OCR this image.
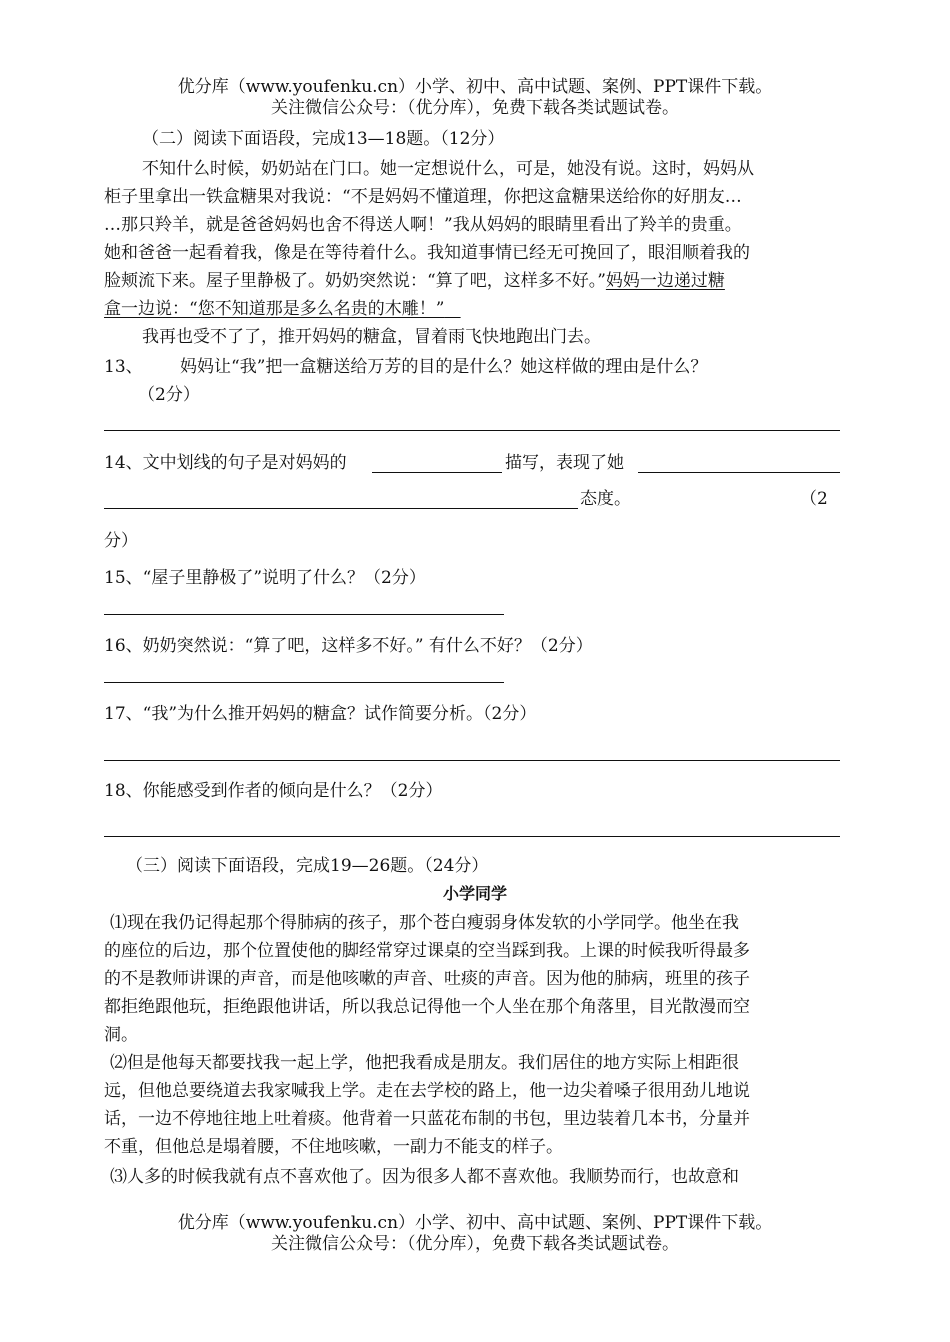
优分库（www.youfenku.cn）小学、初中、高中试题、案例、PPT课件下载。
关注微信公众号：（优分库），免费下载各类试题试卷。
（二）阅读下面语段，完成13—18题。（12分）
不知什么时候，奶奶站在门口。她一定想说什么，可是，她没有说。这时，妈妈从
柜子里拿出一铁盒糖果对我说：“不是妈妈不懂道理，你把这盒糖果送给你的好朋友…
…那只羚羊，就是爸爸妈妈也舍不得送人啊！”我从妈妈的眼睛里看出了羚羊的贵重。
她和爸爸一起看着我，像是在等待着什么。我知道事情已经无可挽回了，眼泪顺着我的
脸颊流下来。屋子里静极了。奶奶突然说：“算了吧，这样多不好。”妈妈一边递过糖
盒一边说：“您不知道那是多么名贵的木雕！”
我再也受不了了，推开妈妈的糖盒，冒着雨飞快地跑出门去。
13、 妈妈让“我”把一盒糖送给万芳的目的是什么？她这样做的理由是什么？
（2分）
14、文中划线的句子是对妈妈的	描写，表现了她
态度。	（2
分）
15、“屋子里静极了”说明了什么？（2分）
16、奶奶突然说：“算了吧，这样多不好。” 有什么不好？（2分）
17、“我”为什么推开妈妈的糖盒？试作简要分析。（2分）
18、你能感受到作者的倾向是什么？（2分）
（三）阅读下面语段，完成19—26题。（24分）
小学同学
⑴现在我仍记得起那个得肺病的孩子，那个苍白瘦弱身体发软的小学同学。他坐在我
的座位的后边，那个位置使他的脚经常穿过课桌的空当踩到我。上课的时候我听得最多
的不是教师讲课的声音，而是他咳嗽的声音、吐痰的声音。因为他的肺病，班里的孩子
都拒绝跟他玩，拒绝跟他讲话，所以我总记得他一个人坐在那个角落里，目光散漫而空
洞。
⑵但是他每天都要找我一起上学，他把我看成是朋友。我们居住的地方实际上相距很
远，但他总要绕道去我家喊我上学。走在去学校的路上，他一边尖着嗓子很用劲儿地说
话，一边不停地往地上吐着痰。他背着一只蓝花布制的书包，里边装着几本书，分量并
不重，但他总是塌着腰，不住地咳嗽，一副力不能支的样子。
⑶人多的时候我就有点不喜欢他了。因为很多人都不喜欢他。我顺势而行，也故意和
优分库（www.youfenku.cn）小学、初中、高中试题、案例、PPT课件下载。
关注微信公众号：（优分库），免费下载各类试题试卷。
